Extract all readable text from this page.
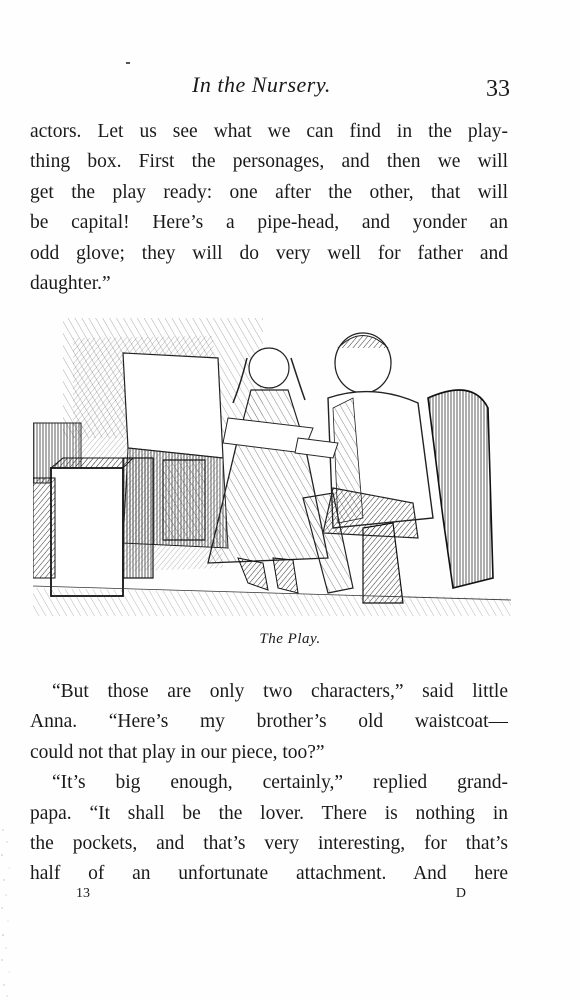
In the Nursery.	33
actors. Let us see what we can find in the play-
thing box. First the personages, and then we will
get the play ready: one after the other, that will
be capital! Here’s a pipe-head, and yonder an
odd glove; they will do very well for father and
daughter.”
The Play.
“But those are only two characters,” said little
Anna. “Here’s my brother’s old waistcoat—
could not that play in our piece, too?”
“It’s big enough, certainly,” replied grand-
papa. “It shall be the lover. There is nothing in
the pockets, and that’s very interesting, for that’s
half of an unfortunate attachment. And here
13	D
